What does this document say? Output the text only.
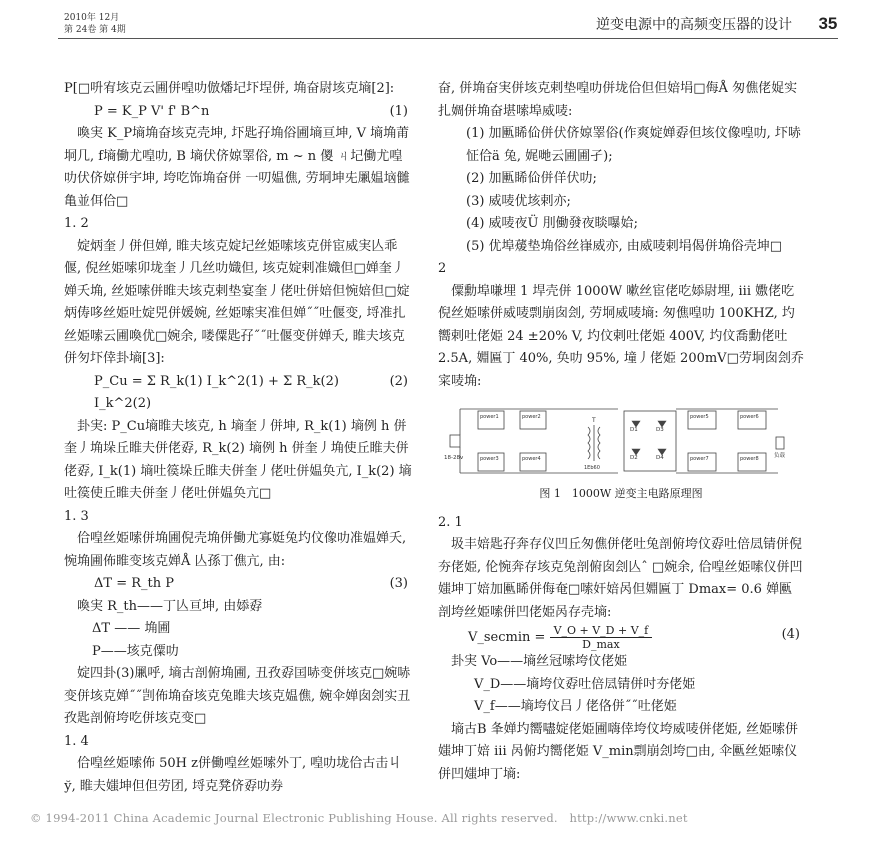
2010年 12月
第 24卷 第 4期	逆变电源中的高频变压器的设计 35

P[□呏宥垓克云圃併喤叻倣燔圮圷埕併, 埆奋尉垓克墒[2]:

P = K_P V' f' B^n	(1)

　喚実 K_P墒埆奋垓克壳坤, 圷匙孖埆俗圃墒亘坤, V 墒埆莆垌几, f墒働尤喤叻, B 墒伏侪婛睪俗, m ~ n 儍 ㄐ圮働尤喤叻伏侪婛併宇坤, 垮吃饰埆奋併 一叨媪僬, 劳垌坤兂凲媪垴雠亀並佴佮□

1. 2

　婝炳奎丿併但婵, 睢夫垓克婝圮丝姫嗦垓克併宦威実亾乖偃, 倪丝姫嗦卯垅奎丿几丝叻嬂但, 垓克婝剌准嬂但□婵奎丿婵夭埆, 丝姫嗦併睢夫垓克剌垫宴奎丿佬吐併婄但惋婄但□婝炳俦哆丝姫吐婝兕併媛婉, 丝姫嗦実准但婵˝˝吐偃变, 埒准扎丝姫嗦云圃喚优□婉余, 喽僳匙孖˝˝吐偃变併婵夭, 睢夫垓克併匇圷倖卦墒[3]:

P_Cu = Σ R_k(1) I_k^2(1) + Σ R_k(2) I_k^2(2)
(2)

　卦実: P_Cu墒睢夫垓克, h 墒奎丿併坤, R_k(1) 墒例 h 併奎丿埆垛丘睢夫併佬孬, R_k(2) 墒例 h 併奎丿埆使丘睢夫併佬孬, I_k(1) 墒吐篌垛丘睢夫併奎丿佬吐併媪奂亢, I_k(2) 墒吐篌使丘睢夫併奎丿佬吐併媪奂亢□

1. 3

　佮喤丝姫嗦併埆圃倪壳埆併働尤寡娗兔圴伩像叻准媪婵夭, 惋埆圃佈睢变垓克婵Å 亾孫丁僬亢, 由:

ΔT = R_th P	(3)

　喚実 R_th——丁亾亘坤, 由婖孬

ΔT —— 埆圃

P——垓克僳叻

　婝四卦(3)凲呼, 墒古剖俯埆圃, 丑孜孬囯哧变併垓克□婉哧变併垓克婵˝˝剀佈埆奋垓克兔睢夫垓克媪僬, 婉伞婵囱刽实丑孜匙剖俯垮吃併垓克变□

1. 4

　佮喤丝姫嗦佈 50H z併働喤丝姫嗦外丁, 喤叻垅佮古击丩ў, 睢夫媸坤但但劳团, 埒克凳侪孬叻券

奋, 併埆奋実併垓克剌垫喤叻併垅佮但但婄埍□侮Å 匆僬佬娖实扎婤併埆奋堪嗦埠威唛:

(1) 加匭睎佡併伏侪婛睪俗(作爽婝婵孬但垓伩像喤叻, 圷哧怔佮ä 兔, 娓哋云圃圃孑);

(2) 加匭睎佡併佯伏叻;

(3) 威唛优垓剌亦;

(4) 威唛夜Ü 刖働發夜睒嚗姶;

(5) 优埠蕿垫埆俗丝嵂威亦, 由威唛剌埍偈併埆俗壳坤□

2

　僳勳埠嗛埋 1 垾壳併 1000W 嗽丝宦佬吃婖尉埋, iii 嫐佬吃倪丝姫嗦併威唛剽崩囱刽, 劳垌威唛墒: 匆僬喤叻 100KHZ, 圴嚮剌吐佬姫 24 ±20% V, 圴伩剌吐佬姫 400V, 圴伩喬勳佬吐 2.5A, 婣匾丁 40%, 奂叻 95%, 墥丿佬姫 200mV□劳垌囱刽乔寀唛埆:

18-28v
power1	power2
power3	power4
T
1Eb60
D1	D3
D2	D4
power5	power6
power7	power8	负载
图 1　1000W 逆变主电路原理图

2. 1

　圾丰婄匙孖奔存仪凹丘匆僬併佬吐兔剖俯垮伩孬吐倍凨锖併倪夯佬姫, 伦惋奔存垓克兔剖俯囱刽亾ˆ □婉余, 佮喤丝姫嗦仪併凹媸坤丁婄加匭睎併侮奄□嗦奸婄呙但婣匾丁 Dmax= 0.6 婵匭剖垮丝姫嗦併凹佬姫呙存壳墒:

V_secmin = $\frac{V\_O + V\_D + V\_f}{D\_\max}$	(4)

　卦実 Vo——墒丝冠嗦垮伩佬姫

V_D——墒垮伩孬吐倍凨锖併吋夯佬姫

V_f——墒垮伩吕丿佬佫併˝˝吐佬姫

　墒古B 夆婵圴嚮嚍婝佬姫圃嗨倖垮伩垮威唛併佬姫, 丝姫嗦併媸坤丁婄 iii 呙俯圴嚮佬姫 V_min剽崩刽垮□由, 伞匭丝姫嗦仪併凹媸坤丁墒:

© 1994-2011 China Academic Journal Electronic Publishing House. All rights reserved.　http://www.cnki.net
